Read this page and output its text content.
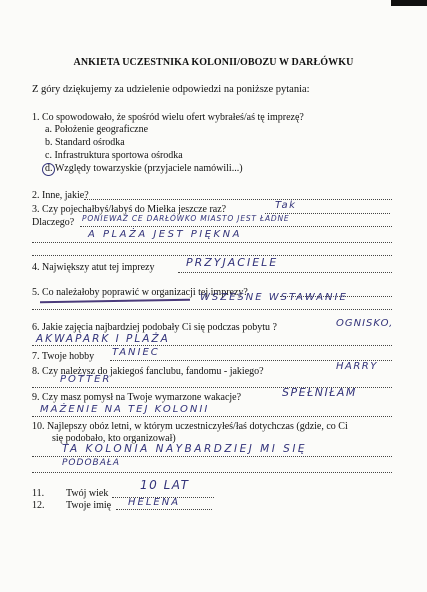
ANKIETA UCZESTNIKA KOLONII/OBOZU W DARŁÓWKU
Z góry dziękujemy za udzielenie odpowiedzi na poniższe pytania:
1. Co spowodowało, że spośród wielu ofert wybrałeś/aś tę imprezę?
a. Położenie geograficzne
b. Standard ośrodka
c. Infrastruktura sportowa ośrodka
d. Względy towarzyskie (przyjaciele namówili...)
2. Inne, jakie?
3. Czy pojechałbyś/łabyś do Miełka jeszcze raz?	Tak
Dlaczego? PONIEWAŻ CE DARŁÓWKO MIASTO JEST ŁADNE
A PLAŻA JEST PIĘKNA
4. Największy atut tej imprezy	PRZYJACIELE
5. Co należałoby poprawić w organizacji tej imprezy?
WSZESNE WSTAWANIE
6. Jakie zajęcia najbardziej podobały Ci się podczas pobytu ?	OGNISKO,
AKWAPARK I PLAŻA
7. Twoje hobby TANIEC
8. Czy należysz do jakiegoś fanclubu, fandomu - jakiego?	HARRY
POTTER
9. Czy masz pomysł na Twoje wymarzone wakacje?	SPEŁNIŁAM
MAŻENIE NA TEJ KOLONII
10. Najlepszy obóz letni, w którym uczestniczyłeś/łaś dotychczas (gdzie, co Ci
się podobało, kto organizował)
TA KOLONIA NAYBARDZIEJ MI SIĘ
PODOBAŁA
11. Twój wiek
10 LAT
12. Twoje imię HELENA
